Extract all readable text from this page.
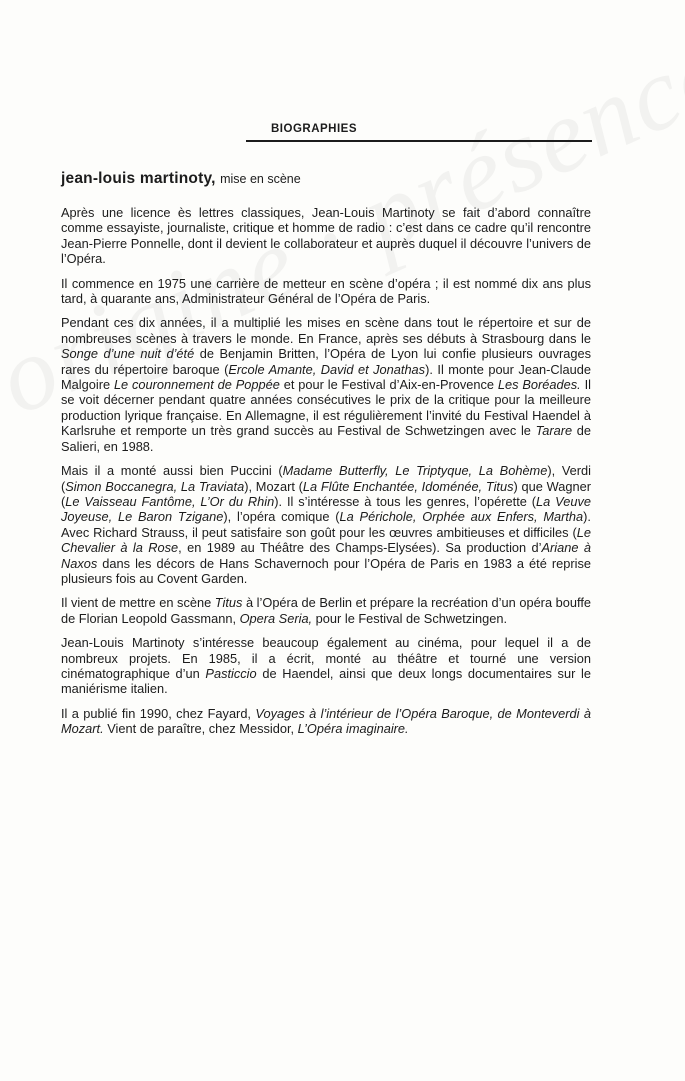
BIOGRAPHIES
jean-louis martinoty, mise en scène

Après une licence ès lettres classiques, Jean-Louis Martinoty se fait d’abord connaître comme essayiste, journaliste, critique et homme de radio : c’est dans ce cadre qu’il rencontre Jean-Pierre Ponnelle, dont il devient le collaborateur et auprès duquel il découvre l’univers de l’Opéra.

Il commence en 1975 une carrière de metteur en scène d’opéra ; il est nommé dix ans plus tard, à quarante ans, Administrateur Général de l’Opéra de Paris.

Pendant ces dix années, il a multiplié les mises en scène dans tout le répertoire et sur de nombreuses scènes à travers le monde. En France, après ses débuts à Strasbourg dans le Songe d’une nuit d’été de Benjamin Britten, l’Opéra de Lyon lui confie plusieurs ouvrages rares du répertoire baroque (Ercole Amante, David et Jonathas). Il monte pour Jean-Claude Malgoire Le couronnement de Poppée et pour le Festival d’Aix-en-Provence Les Boréades. Il se voit décerner pendant quatre années consécutives le prix de la critique pour la meilleure production lyrique française. En Allemagne, il est régulièrement l’invité du Festival Haendel à Karlsruhe et remporte un très grand succès au Festival de Schwetzingen avec le Tarare de Salieri, en 1988.

Mais il a monté aussi bien Puccini (Madame Butterfly, Le Triptyque, La Bohème), Verdi (Simon Boccanegra, La Traviata), Mozart (La Flûte Enchantée, Idoménée, Titus) que Wagner (Le Vaisseau Fantôme, L’Or du Rhin). Il s’intéresse à tous les genres, l’opérette (La Veuve Joyeuse, Le Baron Tzigane), l’opéra comique (La Périchole, Orphée aux Enfers, Martha). Avec Richard Strauss, il peut satisfaire son goût pour les œuvres ambitieuses et difficiles (Le Chevalier à la Rose, en 1989 au Théâtre des Champs-Elysées). Sa production d’Ariane à Naxos dans les décors de Hans Schavernoch pour l’Opéra de Paris en 1983 a été reprise plusieurs fois au Covent Garden.

Il vient de mettre en scène Titus à l’Opéra de Berlin et prépare la recréation d’un opéra bouffe de Florian Leopold Gassmann, Opera Seria, pour le Festival de Schwetzingen.

Jean-Louis Martinoty s’intéresse beaucoup également au cinéma, pour lequel il a de nombreux projets. En 1985, il a écrit, monté au théâtre et tourné une version cinématographique d’un Pasticcio de Haendel, ainsi que deux longs documentaires sur le maniérisme italien.

Il a publié fin 1990, chez Fayard, Voyages à l’intérieur de l’Opéra Baroque, de Monteverdi à Mozart. Vient de paraître, chez Messidor, L’Opéra imaginaire.
